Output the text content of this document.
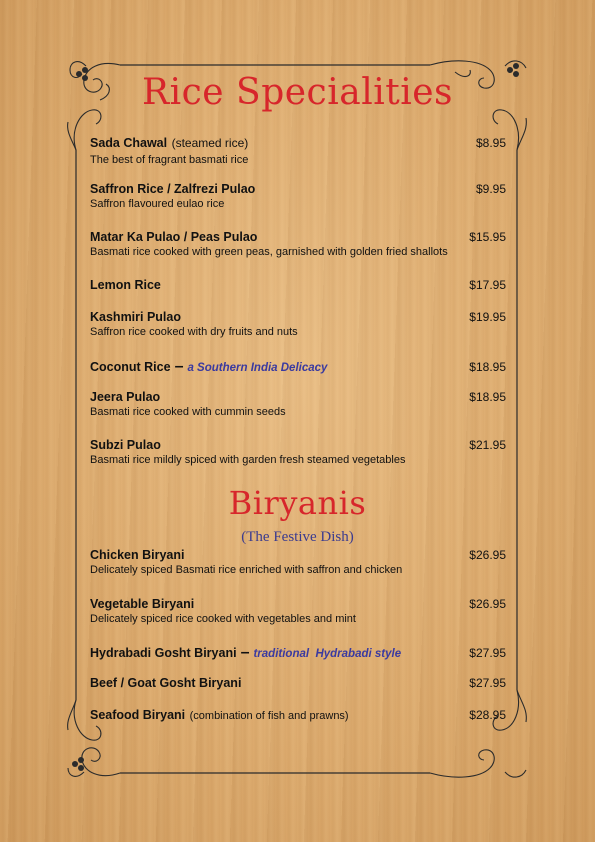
Rice Specialities
Sada Chawal (steamed rice)	$8.95
The best of fragrant basmati rice
Saffron Rice / Zalfrezi Pulao	$9.95
Saffron flavoured eulao rice
Matar Ka Pulao / Peas Pulao	$15.95
Basmati rice cooked with green peas, garnished with golden fried shallots
Lemon Rice	$17.95
Kashmiri Pulao	$19.95
Saffron rice cooked with dry fruits and nuts
Coconut Rice – a Southern India Delicacy	$18.95
Jeera Pulao	$18.95
Basmati rice cooked with cummin seeds
Subzi Pulao	$21.95
Basmati rice mildly spiced with garden fresh steamed vegetables
Biryanis
(The Festive Dish)
Chicken Biryani	$26.95
Delicately spiced Basmati rice enriched with saffron and chicken
Vegetable Biryani	$26.95
Delicately spiced rice cooked with vegetables and mint
Hydrabadi Gosht Biryani – traditional  Hydrabadi style	$27.95
Beef / Goat Gosht Biryani	$27.95
Seafood Biryani (combination of fish and prawns)	$28.95
